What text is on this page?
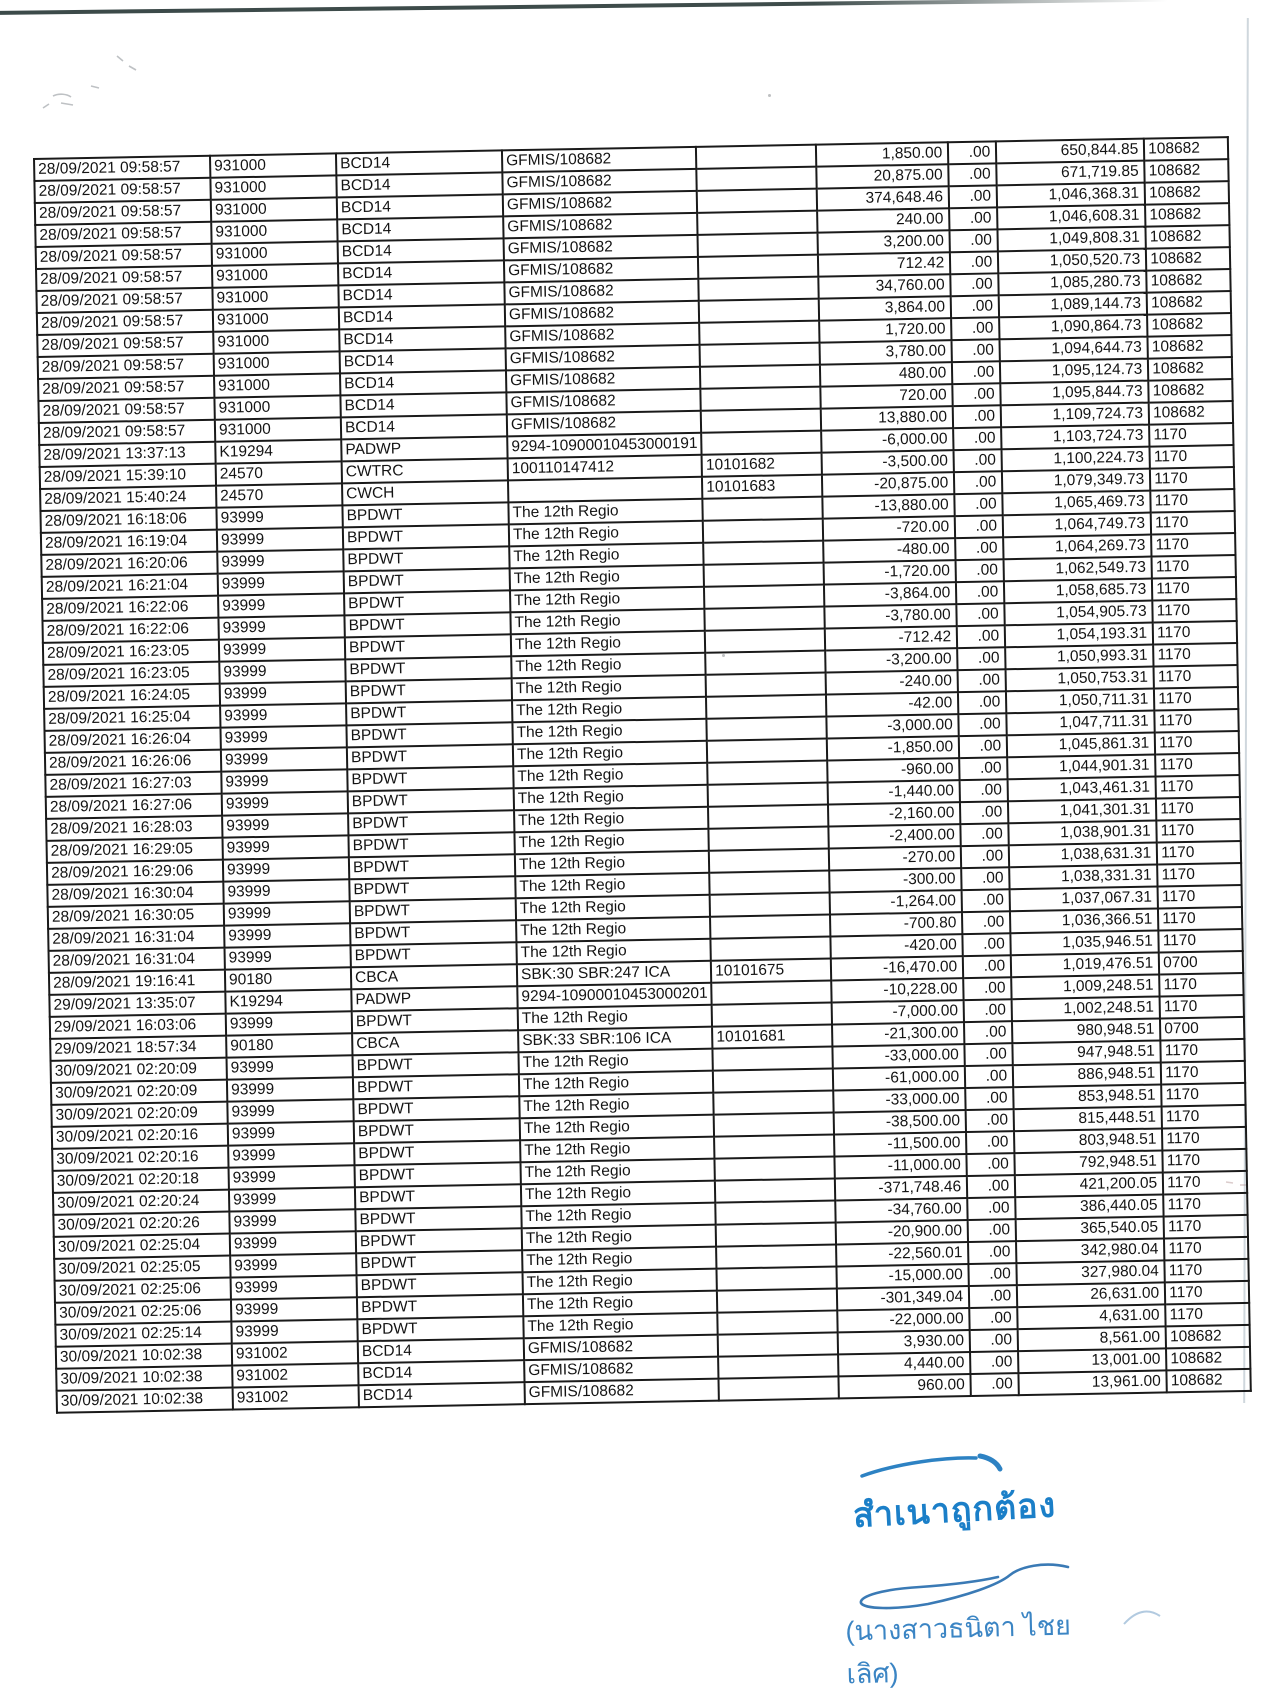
28/09/2021 09:58:57	931000	BCD14	GFMIS/108682		1,850.00	.00	650,844.85	108682
28/09/2021 09:58:57	931000	BCD14	GFMIS/108682		20,875.00	.00	671,719.85	108682
28/09/2021 09:58:57	931000	BCD14	GFMIS/108682		374,648.46	.00	1,046,368.31	108682
28/09/2021 09:58:57	931000	BCD14	GFMIS/108682		240.00	.00	1,046,608.31	108682
28/09/2021 09:58:57	931000	BCD14	GFMIS/108682		3,200.00	.00	1,049,808.31	108682
28/09/2021 09:58:57	931000	BCD14	GFMIS/108682		712.42	.00	1,050,520.73	108682
28/09/2021 09:58:57	931000	BCD14	GFMIS/108682		34,760.00	.00	1,085,280.73	108682
28/09/2021 09:58:57	931000	BCD14	GFMIS/108682		3,864.00	.00	1,089,144.73	108682
28/09/2021 09:58:57	931000	BCD14	GFMIS/108682		1,720.00	.00	1,090,864.73	108682
28/09/2021 09:58:57	931000	BCD14	GFMIS/108682		3,780.00	.00	1,094,644.73	108682
28/09/2021 09:58:57	931000	BCD14	GFMIS/108682		480.00	.00	1,095,124.73	108682
28/09/2021 09:58:57	931000	BCD14	GFMIS/108682		720.00	.00	1,095,844.73	108682
28/09/2021 09:58:57	931000	BCD14	GFMIS/108682		13,880.00	.00	1,109,724.73	108682
28/09/2021 13:37:13	K19294	PADWP	9294-10900010453000191		-6,000.00	.00	1,103,724.73	1170
28/09/2021 15:39:10	24570	CWTRC	100110147412	10101682	-3,500.00	.00	1,100,224.73	1170
28/09/2021 15:40:24	24570	CWCH		10101683	-20,875.00	.00	1,079,349.73	1170
28/09/2021 16:18:06	93999	BPDWT	The 12th Regio		-13,880.00	.00	1,065,469.73	1170
28/09/2021 16:19:04	93999	BPDWT	The 12th Regio		-720.00	.00	1,064,749.73	1170
28/09/2021 16:20:06	93999	BPDWT	The 12th Regio		-480.00	.00	1,064,269.73	1170
28/09/2021 16:21:04	93999	BPDWT	The 12th Regio		-1,720.00	.00	1,062,549.73	1170
28/09/2021 16:22:06	93999	BPDWT	The 12th Regio		-3,864.00	.00	1,058,685.73	1170
28/09/2021 16:22:06	93999	BPDWT	The 12th Regio		-3,780.00	.00	1,054,905.73	1170
28/09/2021 16:23:05	93999	BPDWT	The 12th Regio		-712.42	.00	1,054,193.31	1170
28/09/2021 16:23:05	93999	BPDWT	The 12th Regio		-3,200.00	.00	1,050,993.31	1170
28/09/2021 16:24:05	93999	BPDWT	The 12th Regio		-240.00	.00	1,050,753.31	1170
28/09/2021 16:25:04	93999	BPDWT	The 12th Regio		-42.00	.00	1,050,711.31	1170
28/09/2021 16:26:04	93999	BPDWT	The 12th Regio		-3,000.00	.00	1,047,711.31	1170
28/09/2021 16:26:06	93999	BPDWT	The 12th Regio		-1,850.00	.00	1,045,861.31	1170
28/09/2021 16:27:03	93999	BPDWT	The 12th Regio		-960.00	.00	1,044,901.31	1170
28/09/2021 16:27:06	93999	BPDWT	The 12th Regio		-1,440.00	.00	1,043,461.31	1170
28/09/2021 16:28:03	93999	BPDWT	The 12th Regio		-2,160.00	.00	1,041,301.31	1170
28/09/2021 16:29:05	93999	BPDWT	The 12th Regio		-2,400.00	.00	1,038,901.31	1170
28/09/2021 16:29:06	93999	BPDWT	The 12th Regio		-270.00	.00	1,038,631.31	1170
28/09/2021 16:30:04	93999	BPDWT	The 12th Regio		-300.00	.00	1,038,331.31	1170
28/09/2021 16:30:05	93999	BPDWT	The 12th Regio		-1,264.00	.00	1,037,067.31	1170
28/09/2021 16:31:04	93999	BPDWT	The 12th Regio		-700.80	.00	1,036,366.51	1170
28/09/2021 16:31:04	93999	BPDWT	The 12th Regio		-420.00	.00	1,035,946.51	1170
28/09/2021 19:16:41	90180	CBCA	SBK:30 SBR:247 ICA	10101675	-16,470.00	.00	1,019,476.51	0700
29/09/2021 13:35:07	K19294	PADWP	9294-10900010453000201		-10,228.00	.00	1,009,248.51	1170
29/09/2021 16:03:06	93999	BPDWT	The 12th Regio		-7,000.00	.00	1,002,248.51	1170
29/09/2021 18:57:34	90180	CBCA	SBK:33 SBR:106 ICA	10101681	-21,300.00	.00	980,948.51	0700
30/09/2021 02:20:09	93999	BPDWT	The 12th Regio		-33,000.00	.00	947,948.51	1170
30/09/2021 02:20:09	93999	BPDWT	The 12th Regio		-61,000.00	.00	886,948.51	1170
30/09/2021 02:20:09	93999	BPDWT	The 12th Regio		-33,000.00	.00	853,948.51	1170
30/09/2021 02:20:16	93999	BPDWT	The 12th Regio		-38,500.00	.00	815,448.51	1170
30/09/2021 02:20:16	93999	BPDWT	The 12th Regio		-11,500.00	.00	803,948.51	1170
30/09/2021 02:20:18	93999	BPDWT	The 12th Regio		-11,000.00	.00	792,948.51	1170
30/09/2021 02:20:24	93999	BPDWT	The 12th Regio		-371,748.46	.00	421,200.05	1170
30/09/2021 02:20:26	93999	BPDWT	The 12th Regio		-34,760.00	.00	386,440.05	1170
30/09/2021 02:25:04	93999	BPDWT	The 12th Regio		-20,900.00	.00	365,540.05	1170
30/09/2021 02:25:05	93999	BPDWT	The 12th Regio		-22,560.01	.00	342,980.04	1170
30/09/2021 02:25:06	93999	BPDWT	The 12th Regio		-15,000.00	.00	327,980.04	1170
30/09/2021 02:25:06	93999	BPDWT	The 12th Regio		-301,349.04	.00	26,631.00	1170
30/09/2021 02:25:14	93999	BPDWT	The 12th Regio		-22,000.00	.00	4,631.00	1170
30/09/2021 10:02:38	931002	BCD14	GFMIS/108682		3,930.00	.00	8,561.00	108682
30/09/2021 10:02:38	931002	BCD14	GFMIS/108682		4,440.00	.00	13,001.00	108682
30/09/2021 10:02:38	931002	BCD14	GFMIS/108682		960.00	.00	13,961.00	108682
สำเนาถูกต้อง
(นางสาวธนิตา ไชยเลิศ)
